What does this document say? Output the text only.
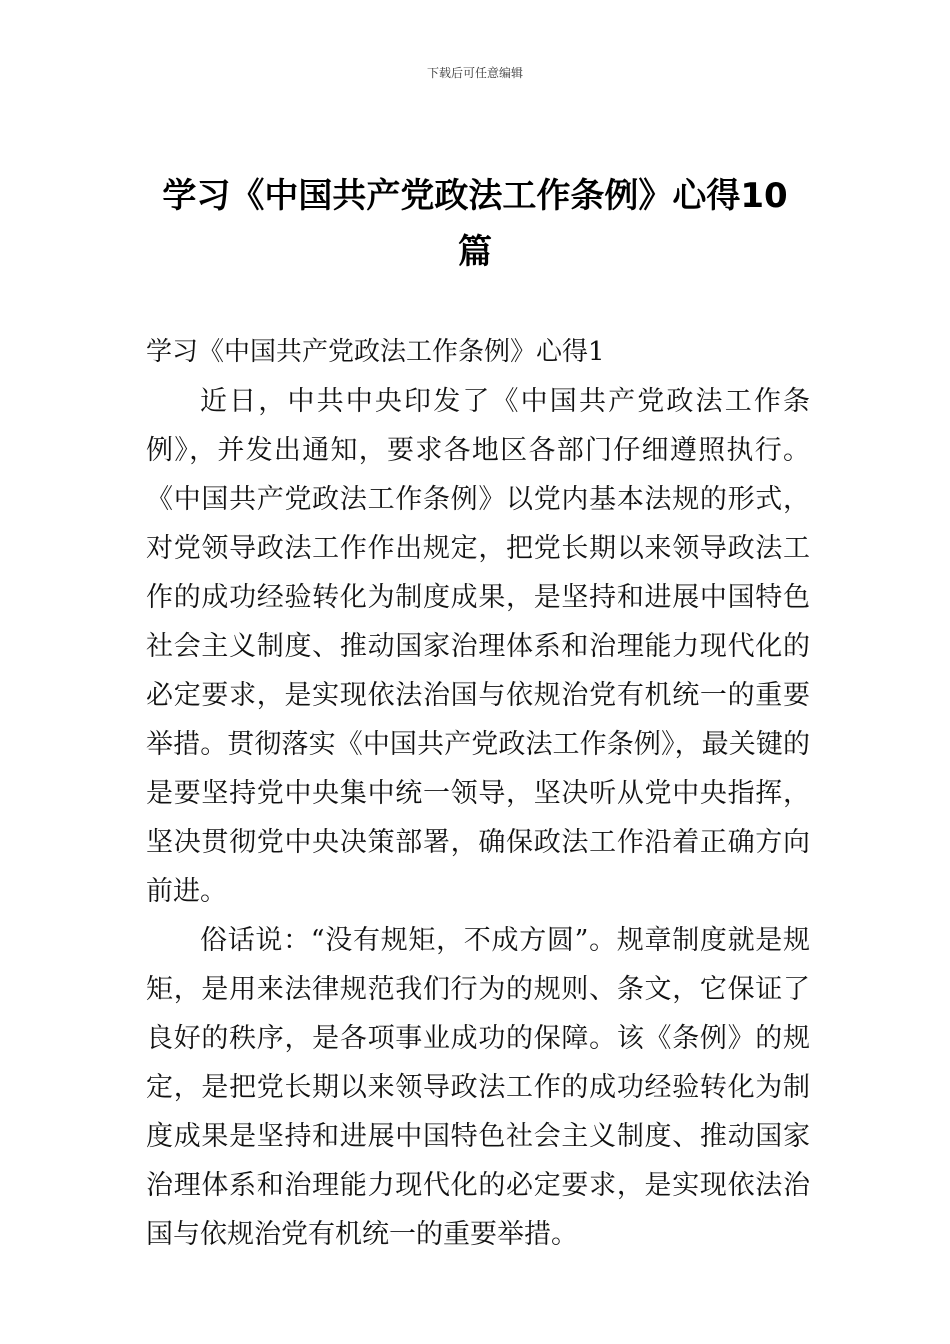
下载后可任意编辑
学习《中国共产党政法工作条例》心得10篇

学习《中国共产党政法工作条例》心得1

近日，中共中央印发了《中国共产党政法工作条例》，并发出通知，要求各地区各部门仔细遵照执行。《中国共产党政法工作条例》以党内基本法规的形式，对党领导政法工作作出规定，把党长期以来领导政法工作的成功经验转化为制度成果，是坚持和进展中国特色社会主义制度、推动国家治理体系和治理能力现代化的必定要求，是实现依法治国与依规治党有机统一的重要举措。贯彻落实《中国共产党政法工作条例》，最关键的是要坚持党中央集中统一领导，坚决听从党中央指挥，坚决贯彻党中央决策部署，确保政法工作沿着正确方向前进。

俗话说：“没有规矩，不成方圆”。规章制度就是规矩，是用来法律规范我们行为的规则、条文，它保证了良好的秩序，是各项事业成功的保障。该《条例》的规定，是把党长期以来领导政法工作的成功经验转化为制度成果是坚持和进展中国特色社会主义制度、推动国家治理体系和治理能力现代化的必定要求，是实现依法治国与依规治党有机统一的重要举措。
